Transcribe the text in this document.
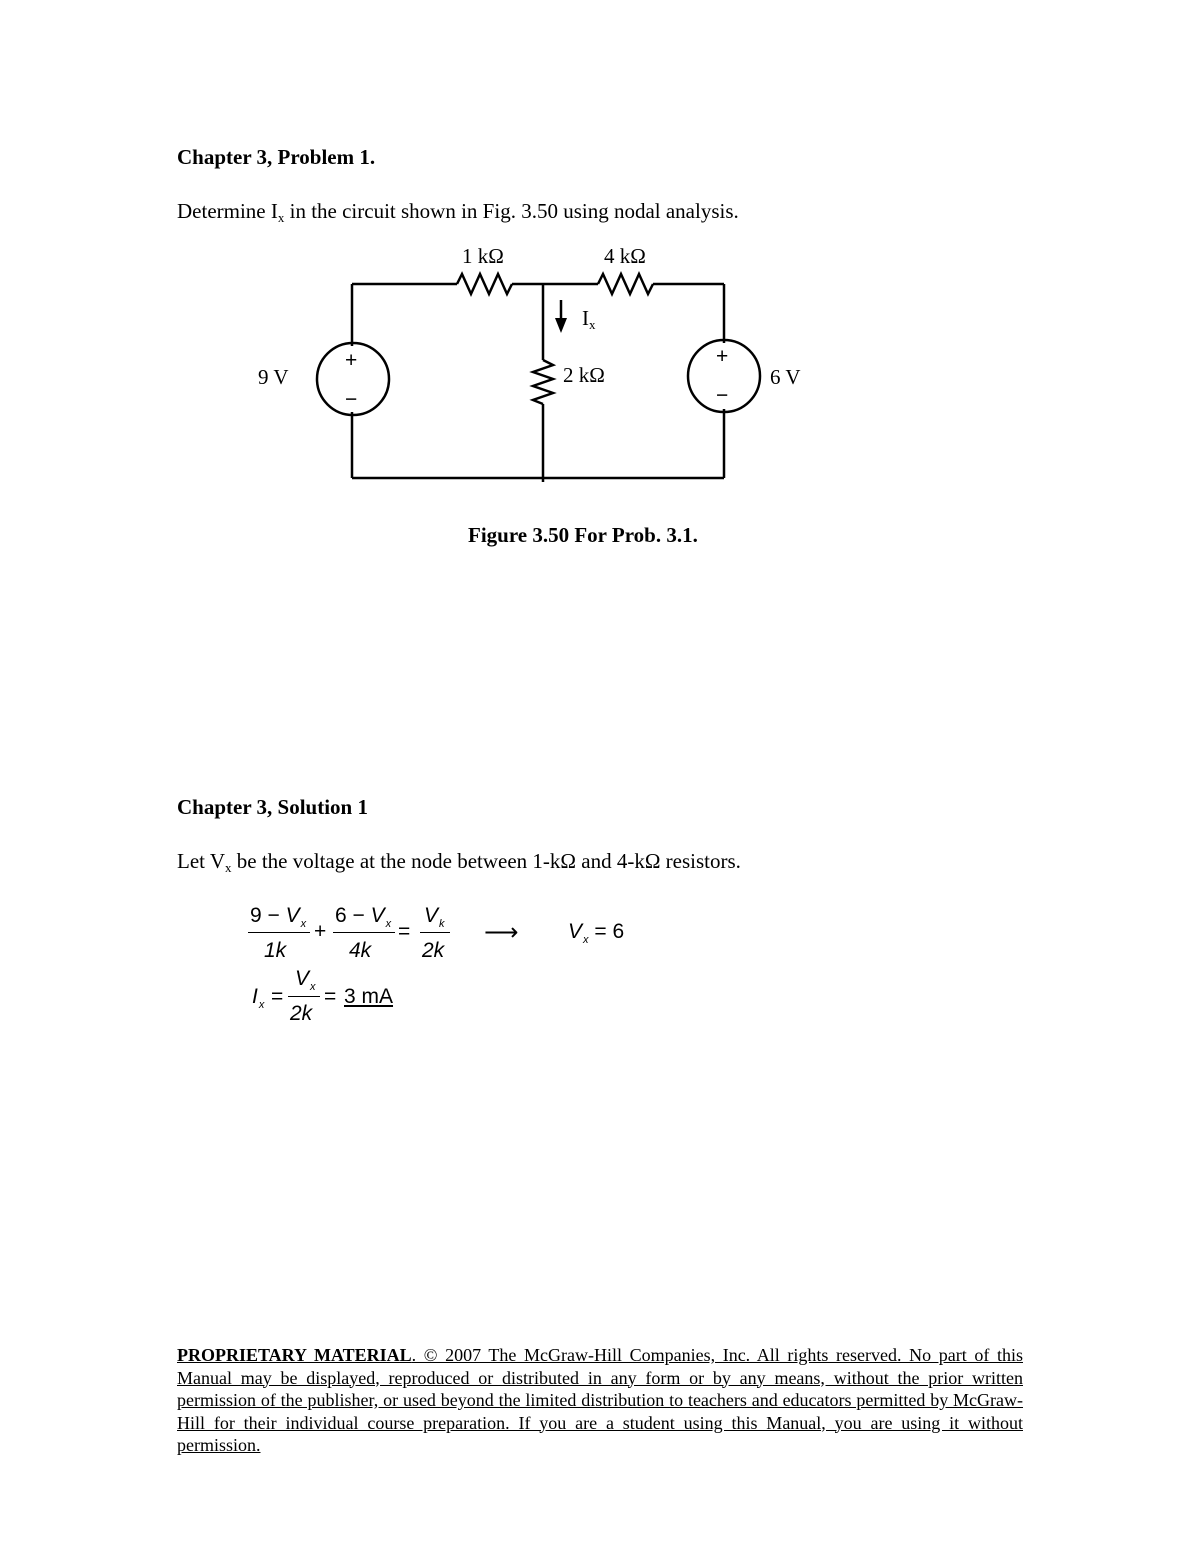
Chapter 3, Problem 1.
Determine $I_x$ in the circuit shown in Fig. 3.50 using nodal analysis.
1 kΩ	4 kΩ
2 kΩ
$I_x$
9 V	6 V
+
−
+
−
Figure 3.50 For Prob. 3.1.
Chapter 3, Solution 1
Let $V_x$ be the voltage at the node between 1-kΩ and 4-kΩ resistors.
$9 - V_x$
1k
+
$6 - V_x$
4k
=
$V_k$
2k
⟶ $V_x = 6$
$I_x$ =
$V_x$
2k
= 3 mA
PROPRIETARY MATERIAL. © 2007 The McGraw-Hill Companies, Inc. All rights reserved. No part of this Manual may be displayed, reproduced or distributed in any form or by any means, without the prior written permission of the publisher, or used beyond the limited distribution to teachers and educators permitted by McGraw-Hill for their individual course preparation. If you are a student using this Manual, you are using it without permission.
